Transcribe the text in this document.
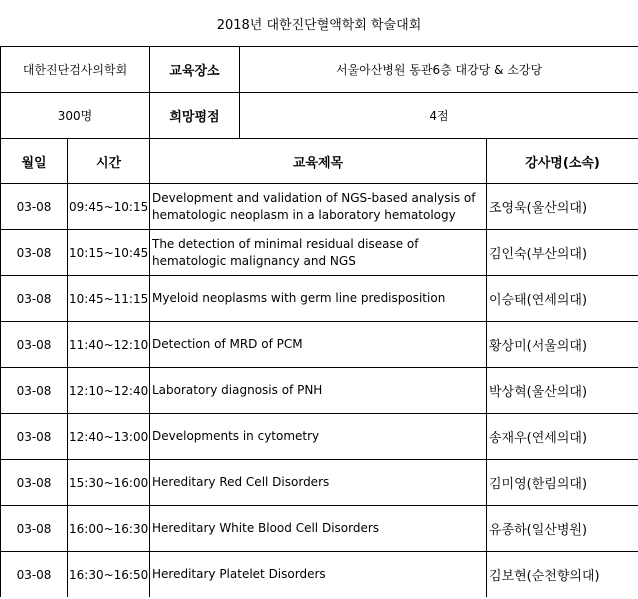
2018년 대한진단혈액학회 학술대회
대한진단검사의학회		교육장소	서울아산병원 동관6층 대강당 & 소강당	
300명		희망평점	4점	
월일	시간	교육제목		강사명(소속)
03-08	09:45~10:15	Development and validation of NGS-based analysis of hematologic neoplasm in a laboratory hematology		조영욱(울산의대)
03-08	10:15~10:45	The detection of minimal residual disease of hematologic malignancy and NGS		김인숙(부산의대)
03-08	10:45~11:15	Myeloid neoplasms with germ line predisposition		이승태(연세의대)
03-08	11:40~12:10	Detection of MRD of PCM		황상미(서울의대)
03-08	12:10~12:40	Laboratory diagnosis of PNH		박상혁(울산의대)
03-08	12:40~13:00	Developments in cytometry		송재우(연세의대)
03-08	15:30~16:00	Hereditary Red Cell Disorders		김미영(한림의대)
03-08	16:00~16:30	Hereditary White Blood Cell Disorders		유종하(일산병원)
03-08	16:30~16:50	Hereditary Platelet Disorders		김보현(순천향의대)
